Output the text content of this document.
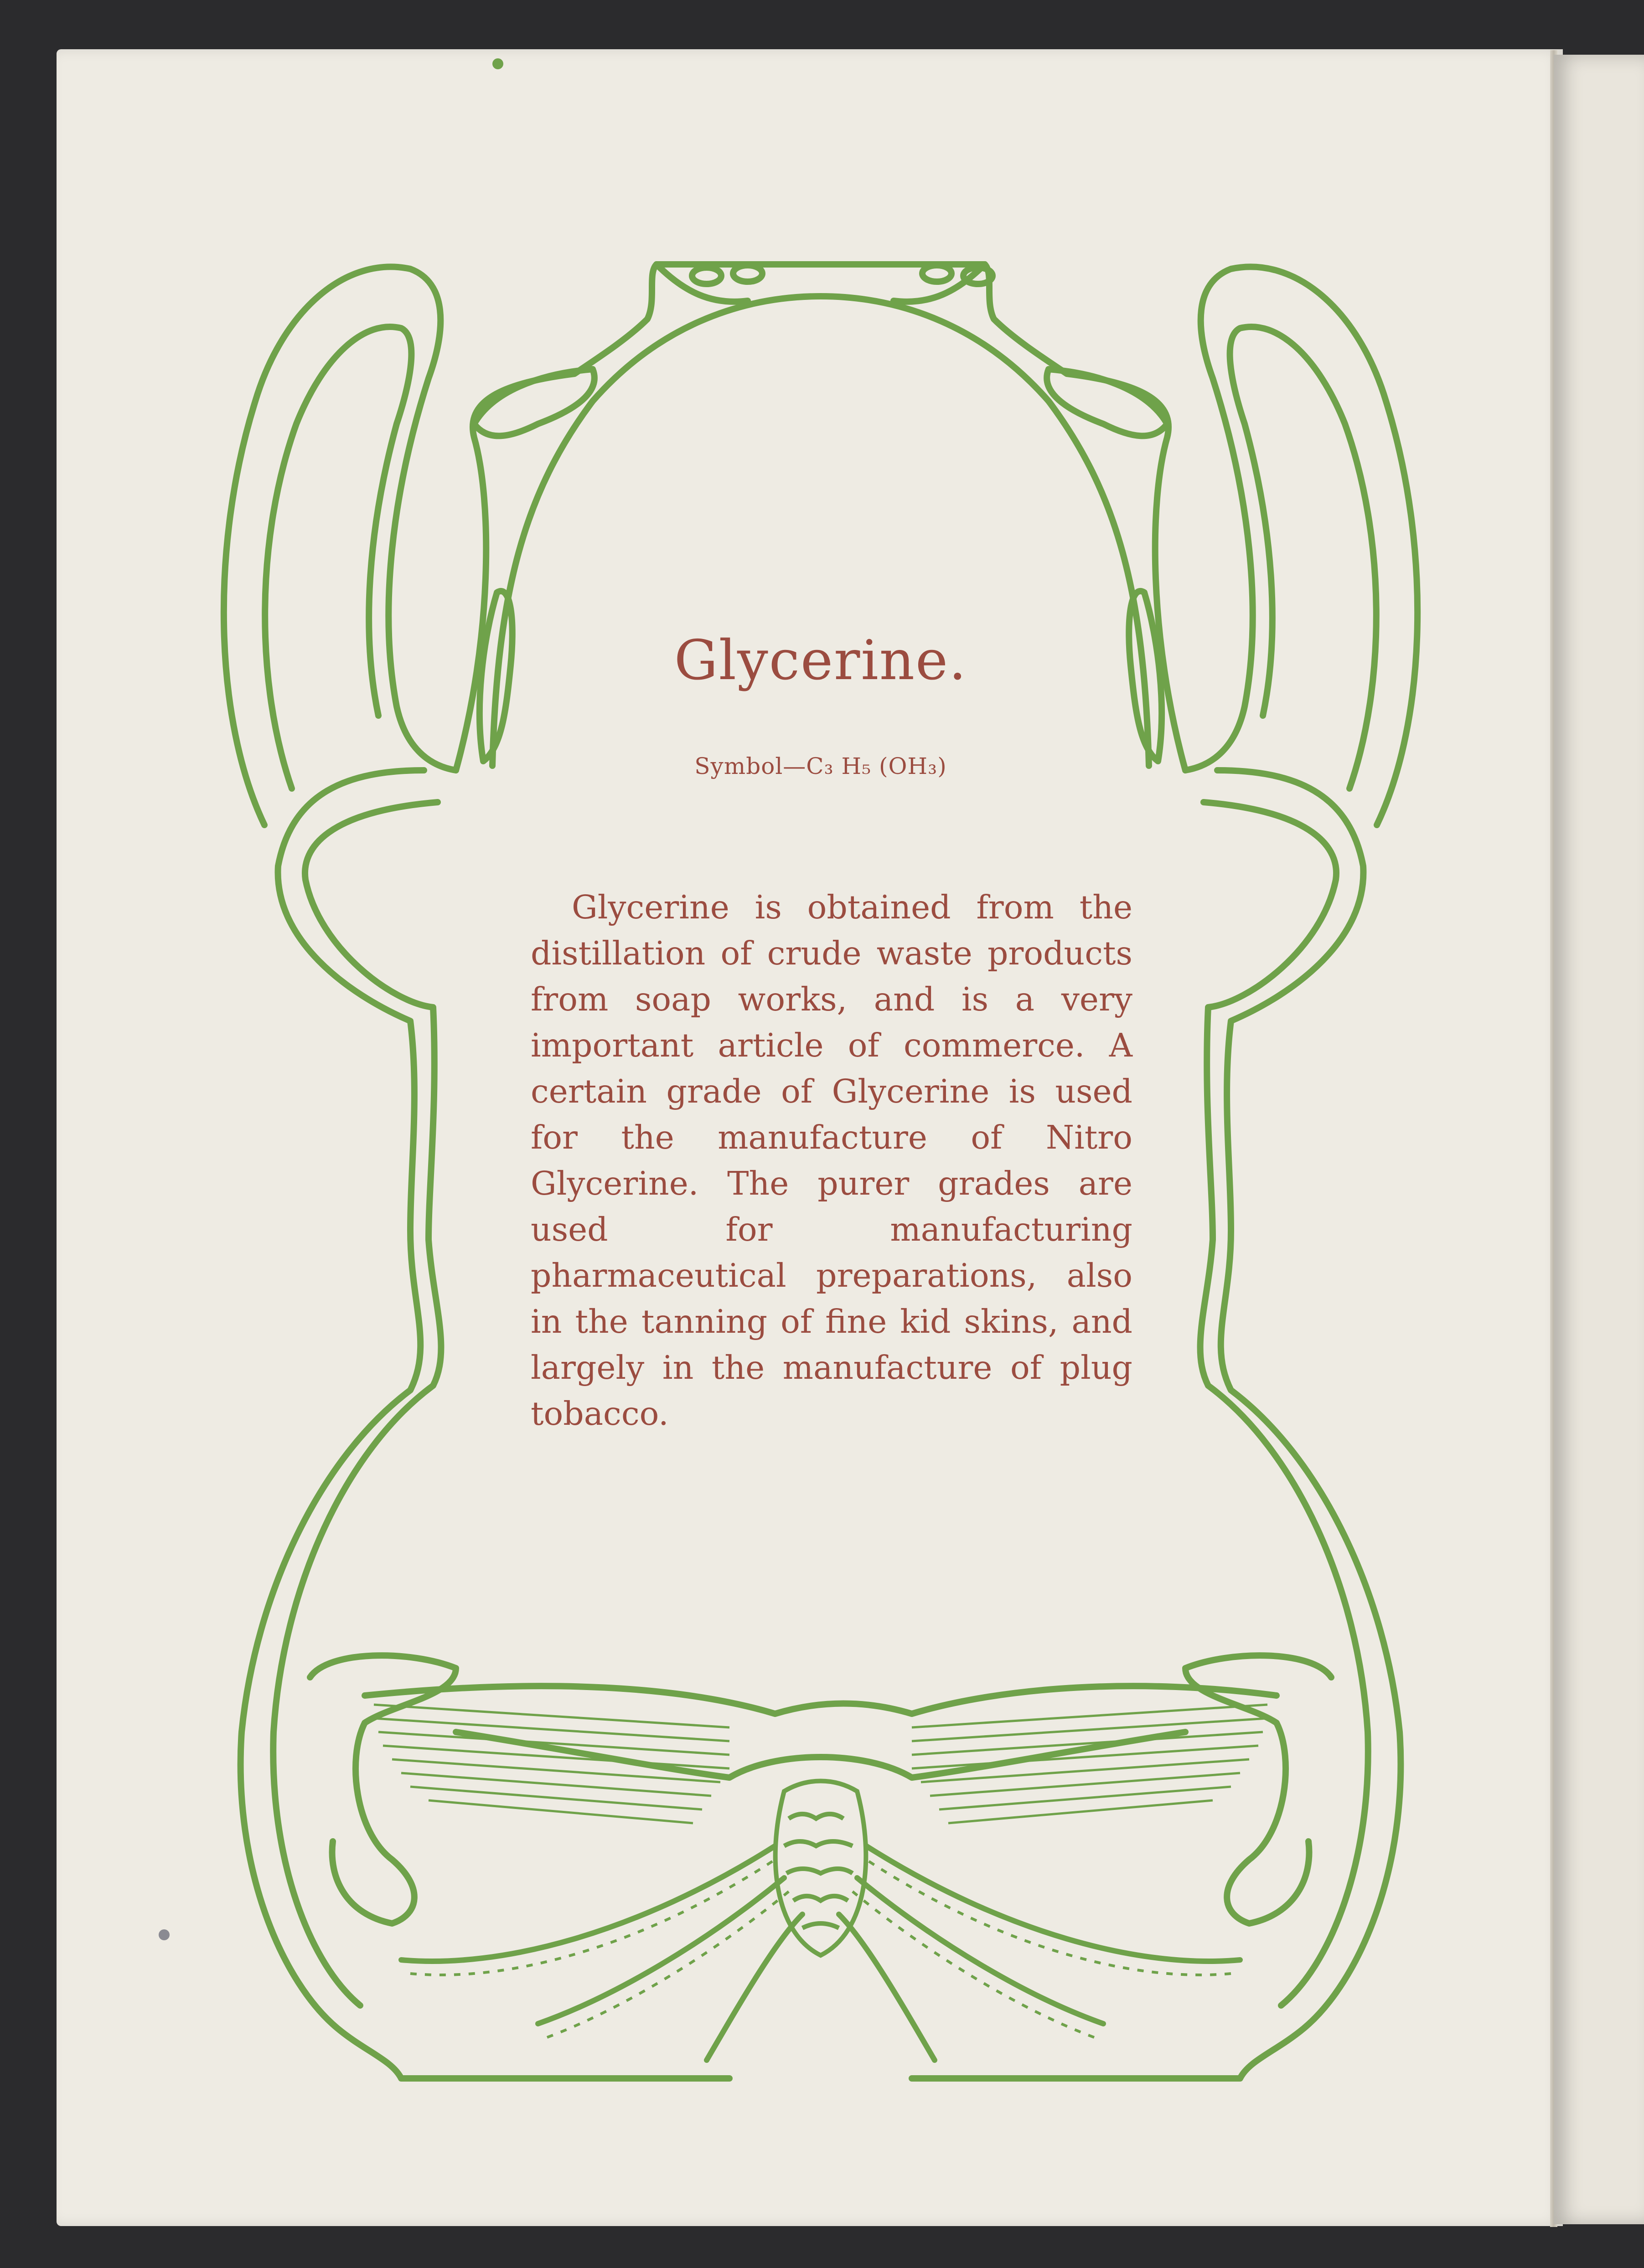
Glycerine.

Symbol—C₃ H₅ (OH₃)

Glycerine is obtained from the distillation of crude waste products from soap works, and is a very important article of commerce. A certain grade of Glycerine is used for the manufacture of Nitro Glycerine. The purer grades are used for manufacturing pharmaceutical preparations, also in the tanning of fine kid skins, and largely in the manufacture of plug tobacco.
